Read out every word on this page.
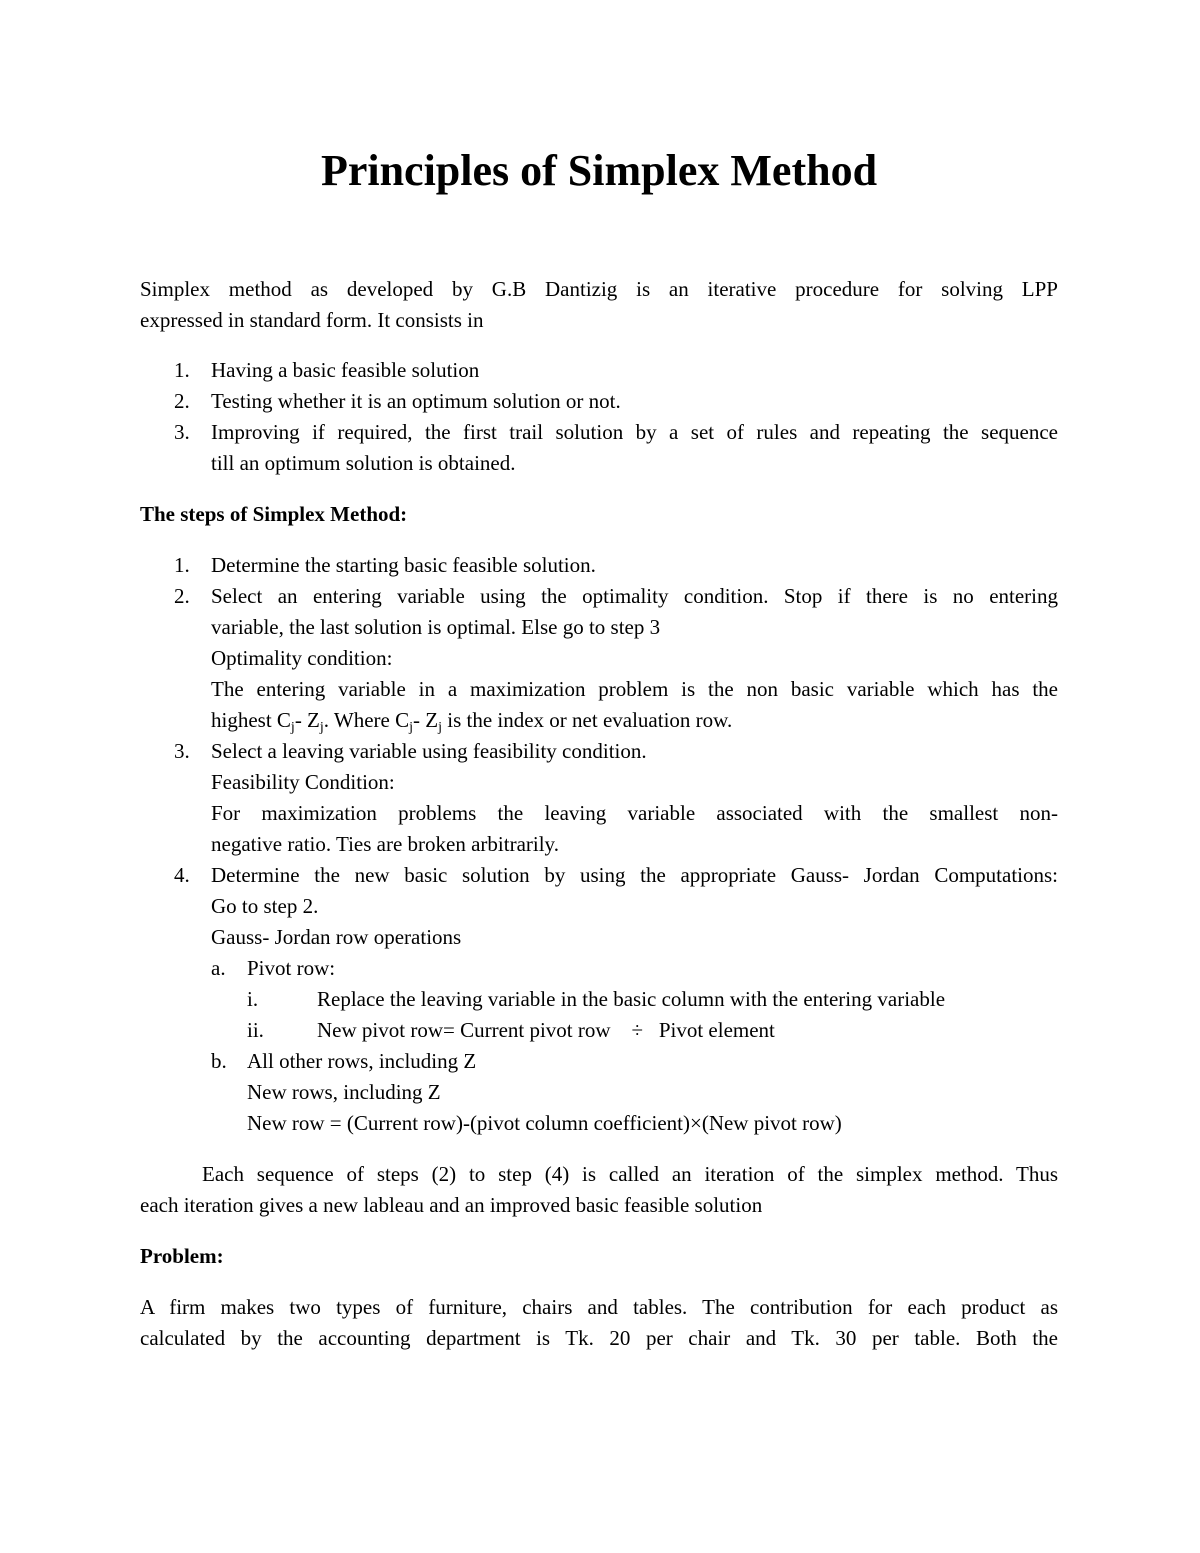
Principles of Simplex Method
Simplex method as developed by G.B Dantizig is an iterative procedure for solving LPP
expressed in standard form. It consists in
1.	Having a basic feasible solution
2.	Testing whether it is an optimum solution or not.
3.	Improving if required, the first trail solution by a set of rules and repeating the sequence
till an optimum solution is obtained.
The steps of Simplex Method:
1.	Determine the starting basic feasible solution.
2.	Select an entering variable using the optimality condition. Stop if there is no entering
variable, the last solution is optimal. Else go to step 3
Optimality condition:
The entering variable in a maximization problem is the non basic variable which has the
highest $C_j-$ $Z_j$. Where $C_j-$ $Z_j$ is the index or net evaluation row.
3.	Select a leaving variable using feasibility condition.
Feasibility Condition:
For maximization problems the leaving variable associated with the smallest non-
negative ratio. Ties are broken arbitrarily.
4.	Determine the new basic solution by using the appropriate Gauss- Jordan Computations:
Go to step 2.
Gauss- Jordan row operations
a.	Pivot row:
i.	Replace the leaving variable in the basic column with the entering variable
ii.	New pivot row= Current pivot row    ÷   Pivot element
b. All other rows, including Z
New rows, including Z
New row = (Current row)-(pivot column coefficient)×(New pivot row)
Each sequence of steps (2) to step (4) is called an iteration of the simplex method. Thus
each iteration gives a new lableau and an improved basic feasible solution
Problem:
A firm makes two types of furniture, chairs and tables. The contribution for each product as
calculated by the accounting department is Tk. 20 per chair and Tk. 30 per table. Both the
